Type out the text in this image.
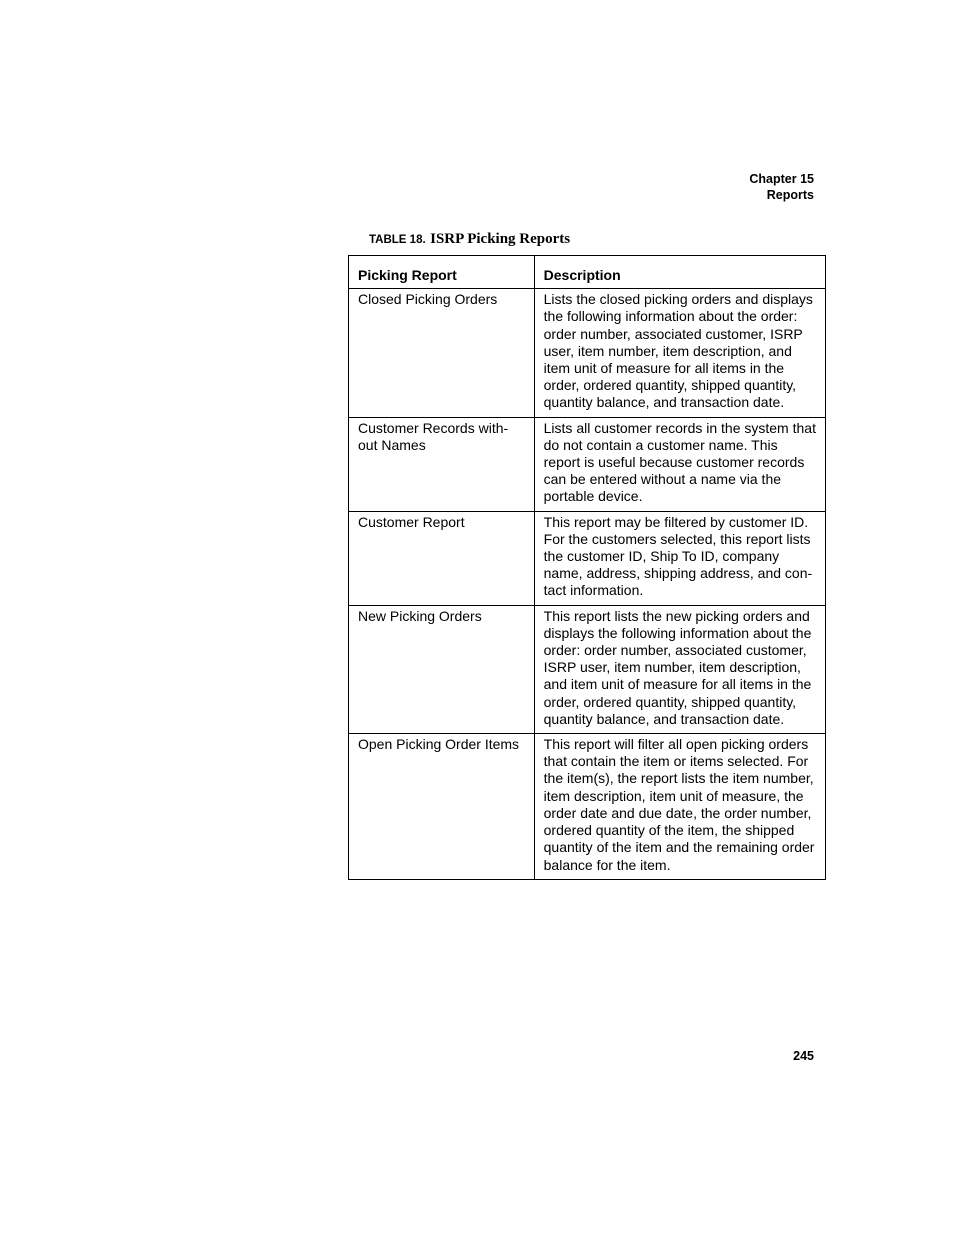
Chapter 15
Reports
TABLE 18. ISRP Picking Reports
Picking Report	Description
Closed Picking Orders	Lists the closed picking orders and displays the following information about the order: order number, associated customer, ISRP user, item number, item description, and item unit of measure for all items in the order, ordered quantity, shipped quantity, quantity balance, and transaction date.
Customer Records with-
out Names	Lists all customer records in the system that do not contain a customer name. This report is useful because customer records can be entered without a name via the portable device.
Customer Report	This report may be filtered by customer ID. For the customers selected, this report lists the customer ID, Ship To ID, company name, address, shipping address, and con-
tact information.
New Picking Orders	This report lists the new picking orders and displays the following information about the order: order number, associated customer, ISRP user, item number, item description, and item unit of measure for all items in the order, ordered quantity, shipped quantity, quantity balance, and transaction date.
Open Picking Order Items	This report will filter all open picking orders that contain the item or items selected. For the item(s), the report lists the item number, item description, item unit of measure, the order date and due date, the order number, ordered quantity of the item, the shipped quantity of the item and the remaining order balance for the item.
245
